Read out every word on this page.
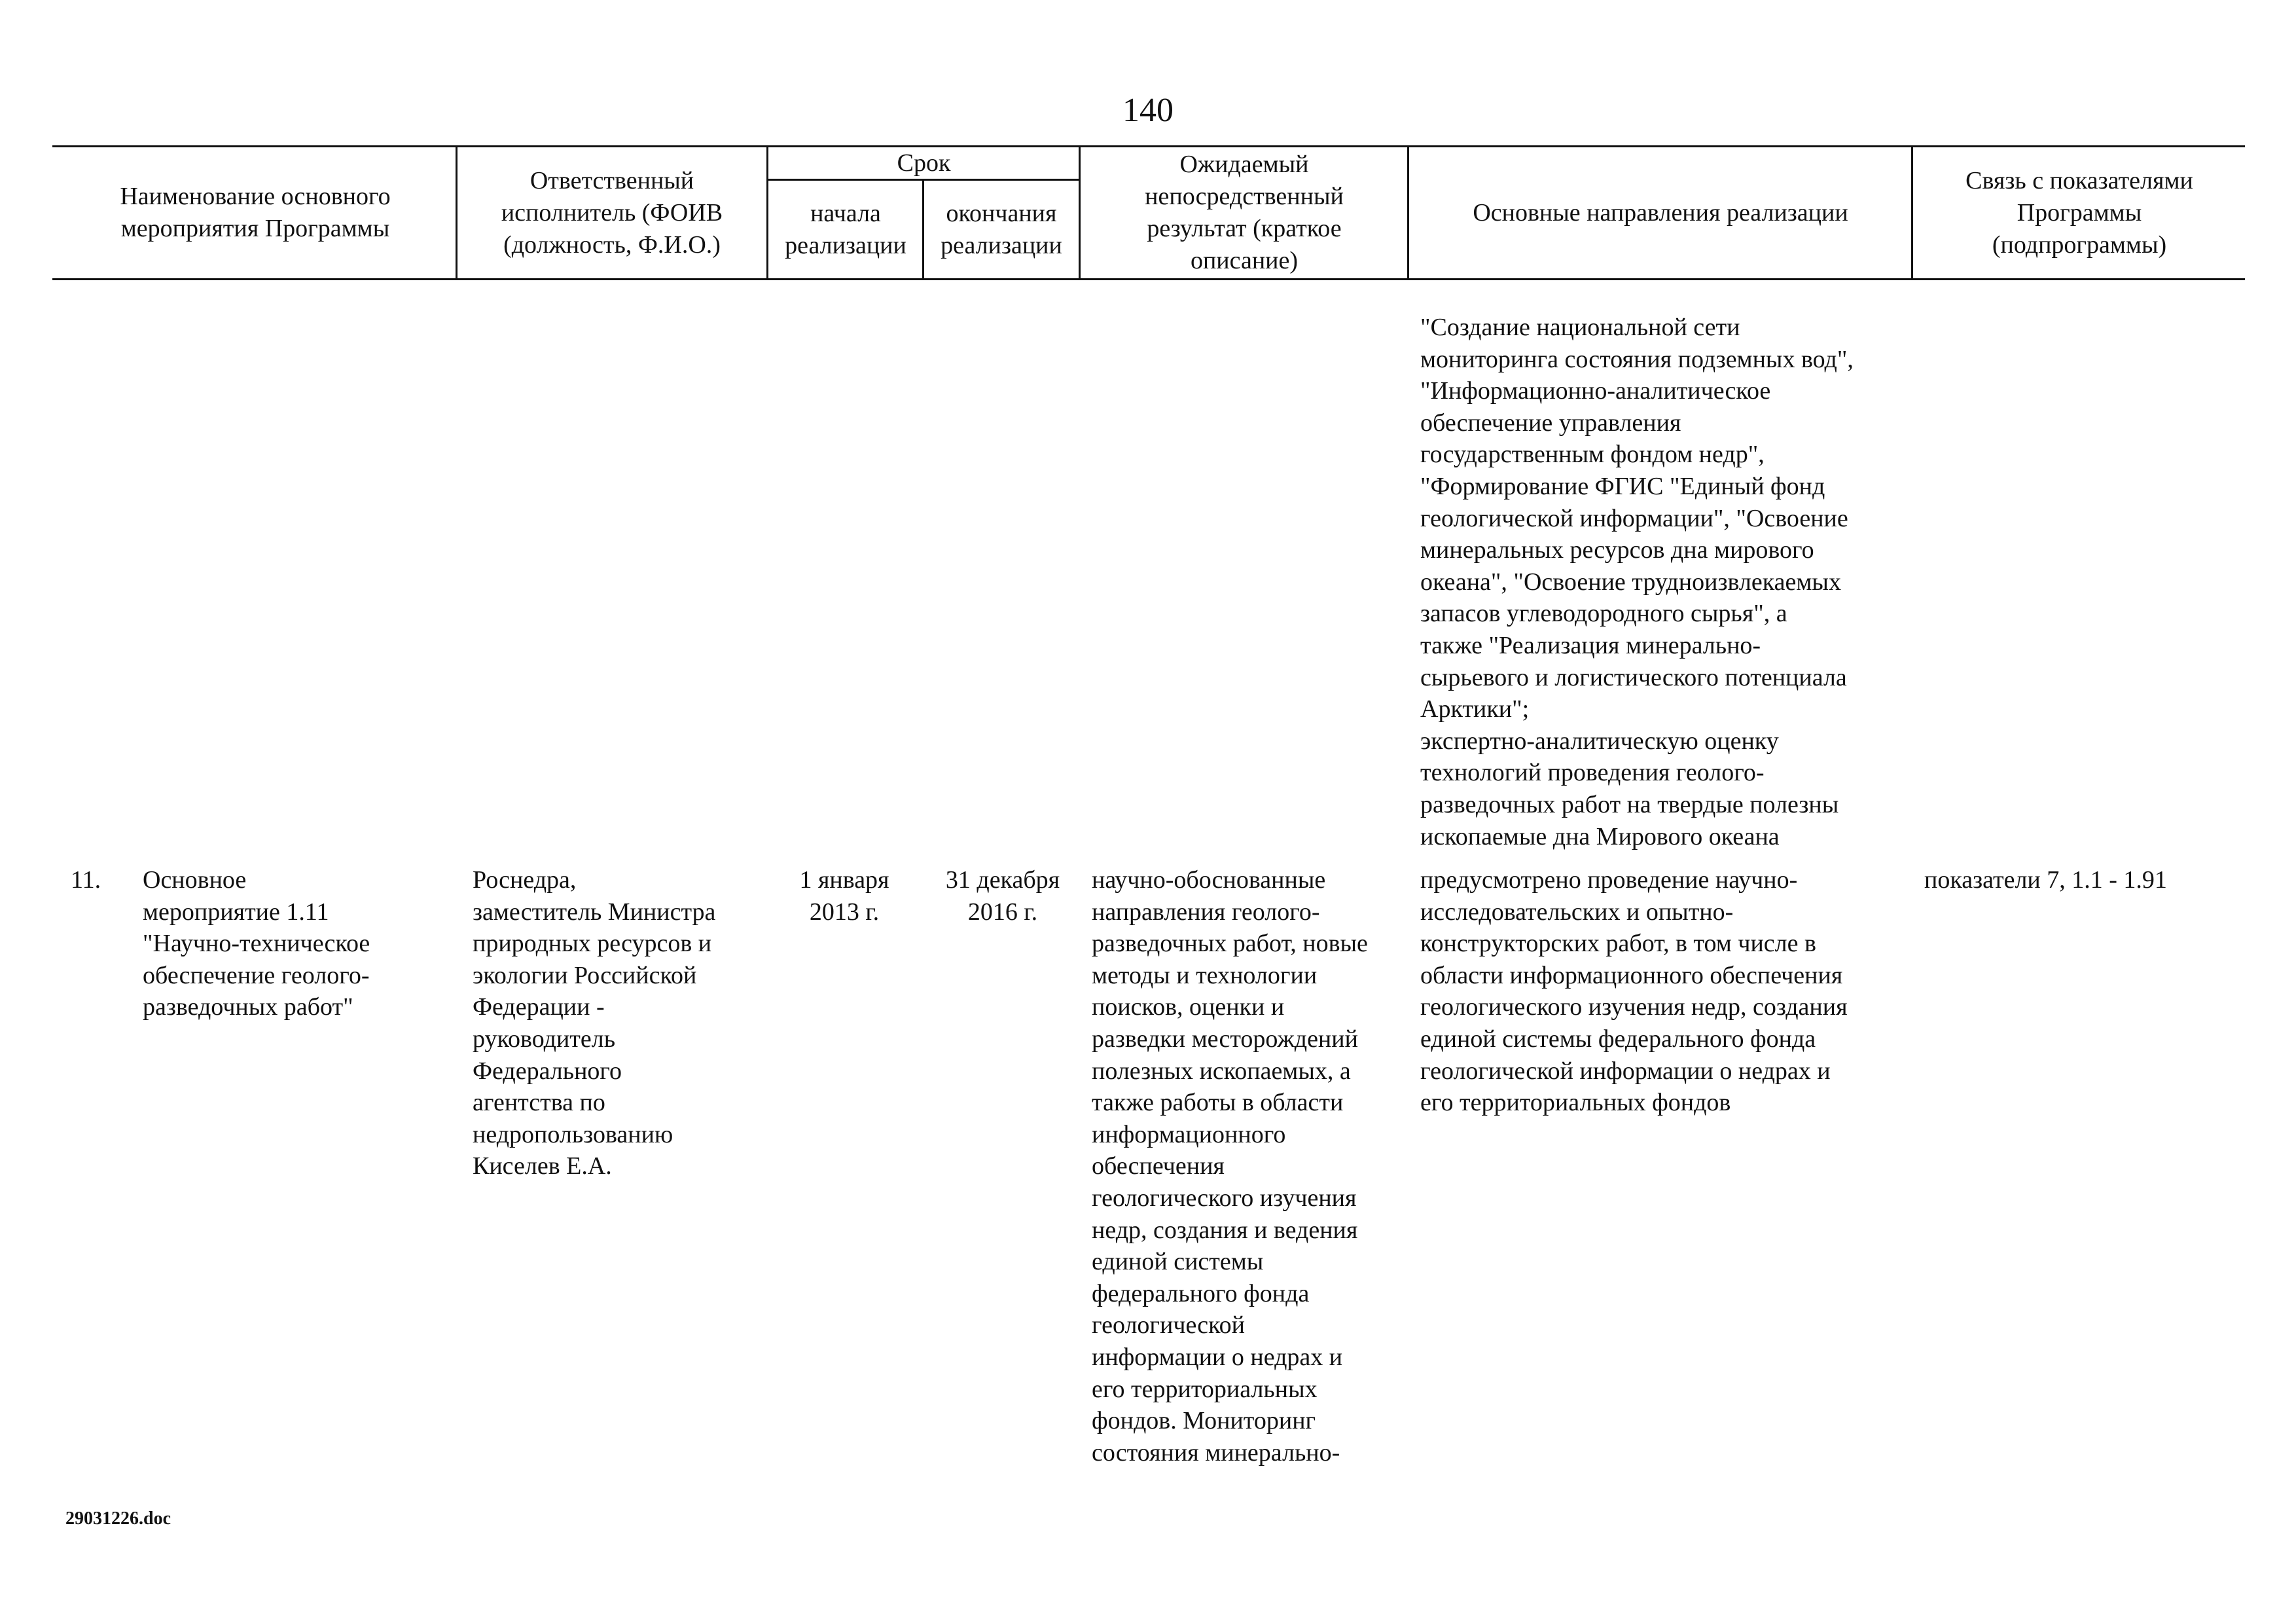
140
Наименование основного мероприятия Программы
Ответственный исполнитель (ФОИВ (должность, Ф.И.О.)
Срок
начала реализации
окончания реализации
Ожидаемый непосредственный результат (краткое описание)
Основные направления реализации
Связь с показателями Программы (подпрограммы)
"Создание национальной сети
мониторинга состояния подземных вод",
"Информационно-аналитическое
обеспечение управления
государственным фондом недр",
"Формирование ФГИС "Единый фонд
геологической информации", "Освоение
минеральных ресурсов дна мирового
океана", "Освоение трудноизвлекаемых
запасов углеводородного сырья", а
также "Реализация минерально-
сырьевого и логистического потенциала
Арктики";
экспертно-аналитическую оценку
технологий проведения геолого-
разведочных работ на твердые полезны
ископаемые дна Мирового океана
11.	Основное
мероприятие 1.11
"Научно-техническое
обеспечение геолого-
разведочных работ"
Роснедра,
заместитель Министра
природных ресурсов и
экологии Российской
Федерации -
руководитель
Федерального
агентства по
недропользованию
Киселев Е.А.
1 января
2013 г.
31 декабря
2016 г.
научно-обоснованные
направления геолого-
разведочных работ, новые
методы и технологии
поисков, оценки и
разведки месторождений
полезных ископаемых, а
также работы в области
информационного
обеспечения
геологического изучения
недр, создания и ведения
единой системы
федерального фонда
геологической
информации о недрах и
его территориальных
фондов. Мониторинг
состояния минерально-
предусмотрено проведение научно-
исследовательских и опытно-
конструкторских работ, в том числе в
области информационного обеспечения
геологического изучения недр, создания
единой системы федерального фонда
геологической информации о недрах и
его территориальных фондов
показатели 7, 1.1 - 1.91
29031226.doc
